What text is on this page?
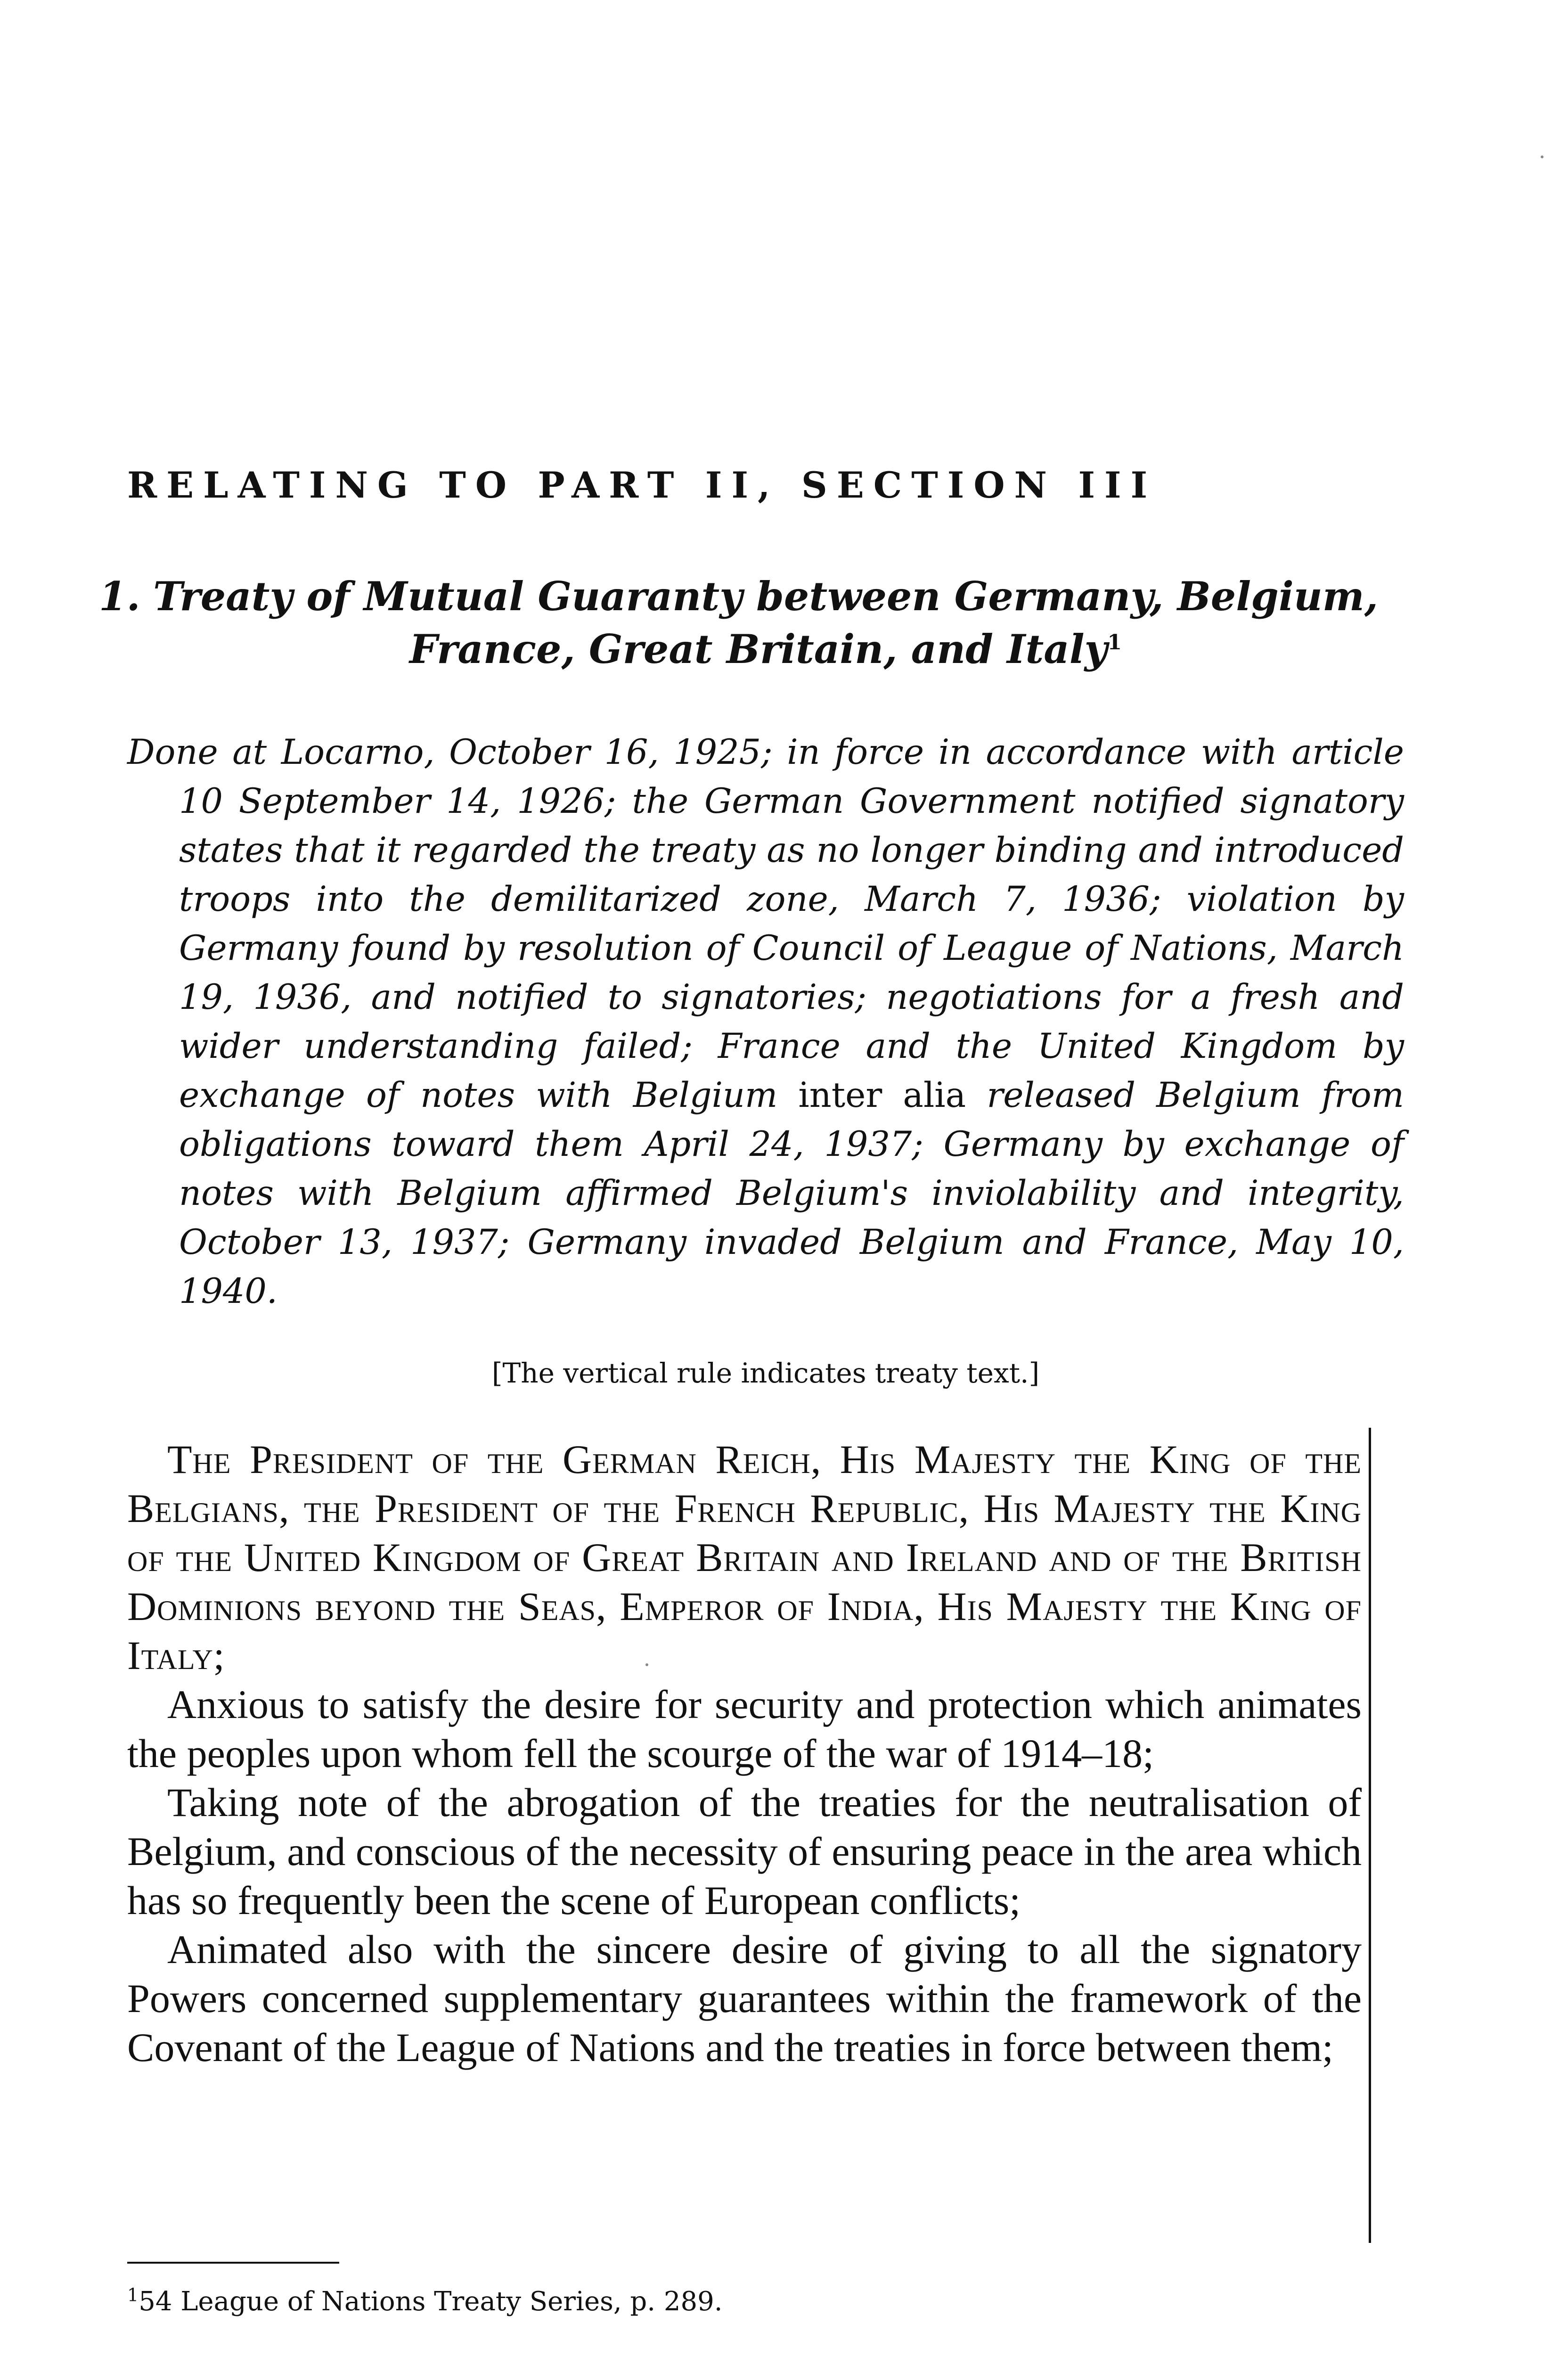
RELATING TO PART II, SECTION III
1. Treaty of Mutual Guaranty between Germany, Belgium,
France, Great Britain, and Italy$^1$

Done at Locarno, October 16, 1925; in force in accordance with article 10 September 14, 1926; the German Government notified signatory states that it regarded the treaty as no longer binding and introduced troops into the demilitarized zone, March 7, 1936; violation by Germany found by resolution of Council of League of Nations, March 19, 1936, and notified to signatories; negotiations for a fresh and wider understanding failed; France and the United Kingdom by exchange of notes with Belgium inter alia released Belgium from obligations toward them April 24, 1937; Germany by exchange of notes with Belgium affirmed Belgium's inviolability and integrity, October 13, 1937; Germany invaded Belgium and France, May 10, 1940.

[The vertical rule indicates treaty text.]

The President of the German Reich, His Majesty the King of the Belgians, the President of the French Republic, His Majesty the King of the United Kingdom of Great Britain and Ireland and of the British Dominions beyond the Seas, Emperor of India, His Majesty the King of Italy;

Anxious to satisfy the desire for security and protection which animates the peoples upon whom fell the scourge of the war of 1914–18;

Taking note of the abrogation of the treaties for the neutralisation of Belgium, and conscious of the necessity of ensuring peace in the area which has so frequently been the scene of European conflicts;

Animated also with the sincere desire of giving to all the signatory Powers concerned supplementary guarantees within the framework of the Covenant of the League of Nations and the treaties in force between them;

$^1$54 League of Nations Treaty Series, p. 289.
